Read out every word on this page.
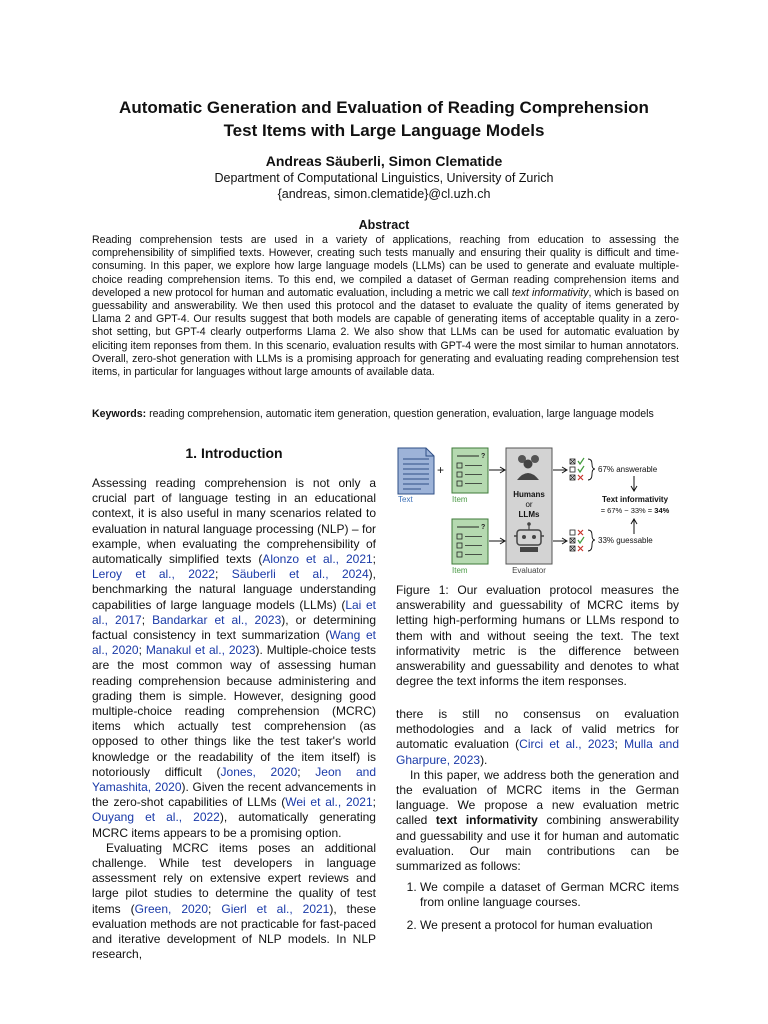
Automatic Generation and Evaluation of Reading Comprehension
Test Items with Large Language Models
Andreas Säuberli, Simon Clematide
Department of Computational Linguistics, University of Zurich
{andreas, simon.clematide}@cl.uzh.ch
Abstract

Reading comprehension tests are used in a variety of applications, reaching from education to assessing the comprehensibility of simplified texts. However, creating such tests manually and ensuring their quality is difficult and time-consuming. In this paper, we explore how large language models (LLMs) can be used to generate and evaluate multiple-choice reading comprehension items. To this end, we compiled a dataset of German reading comprehension items and developed a new protocol for human and automatic evaluation, including a metric we call text informativity, which is based on guessability and answerability. We then used this protocol and the dataset to evaluate the quality of items generated by Llama 2 and GPT-4. Our results suggest that both models are capable of generating items of acceptable quality in a zero-shot setting, but GPT-4 clearly outperforms Llama 2. We also show that LLMs can be used for automatic evaluation by eliciting item reponses from them. In this scenario, evaluation results with GPT-4 were the most similar to human annotators. Overall, zero-shot generation with LLMs is a promising approach for generating and evaluating reading comprehension test items, in particular for languages without large amounts of available data.

Keywords: reading comprehension, automatic item generation, question generation, evaluation, large language models

1. Introduction

Assessing reading comprehension is not only a crucial part of language testing in an educational context, it is also useful in many scenarios related to evaluation in natural language processing (NLP) – for example, when evaluating the comprehensibility of automatically simplified texts (Alonzo et al., 2021; Leroy et al., 2022; Säuberli et al., 2024), benchmarking the natural language understanding capabilities of large language models (LLMs) (Lai et al., 2017; Bandarkar et al., 2023), or determining factual consistency in text summarization (Wang et al., 2020; Manakul et al., 2023). Multiple-choice tests are the most common way of assessing human reading comprehension because administering and grading them is simple. However, designing good multiple-choice reading comprehension (MCRC) items which actually test comprehension (as opposed to other things like the test taker's world knowledge or the readability of the item itself) is notoriously difficult (Jones, 2020; Jeon and Yamashita, 2020). Given the recent advancements in the zero-shot capabilities of LLMs (Wei et al., 2021; Ouyang et al., 2022), automatically generating MCRC items appears to be a promising option.

Evaluating MCRC items poses an additional challenge. While test developers in language assessment rely on extensive expert reviews and large pilot studies to determine the quality of test items (Green, 2020; Gierl et al., 2021), these evaluation methods are not practicable for fast-paced and iterative development of NLP models. In NLP research,

Text
+
?
Item
?
Item
Humans
or
LLMs
Evaluator
67% answerable
33% guessable
Text informativity
= 67% − 33% = 34%

Figure 1: Our evaluation protocol measures the answerability and guessability of MCRC items by letting high-performing humans or LLMs respond to them with and without seeing the text. The text informativity metric is the difference between answerability and guessability and denotes to what degree the text informs the item responses.

there is still no consensus on evaluation methodologies and a lack of valid metrics for automatic evaluation (Circi et al., 2023; Mulla and Gharpure, 2023).

In this paper, we address both the generation and the evaluation of MCRC items in the German language. We propose a new evaluation metric called text informativity combining answerability and guessability and use it for human and automatic evaluation. Our main contributions can be summarized as follows:

1. We compile a dataset of German MCRC items from online language courses.
2. We present a protocol for human evaluation
